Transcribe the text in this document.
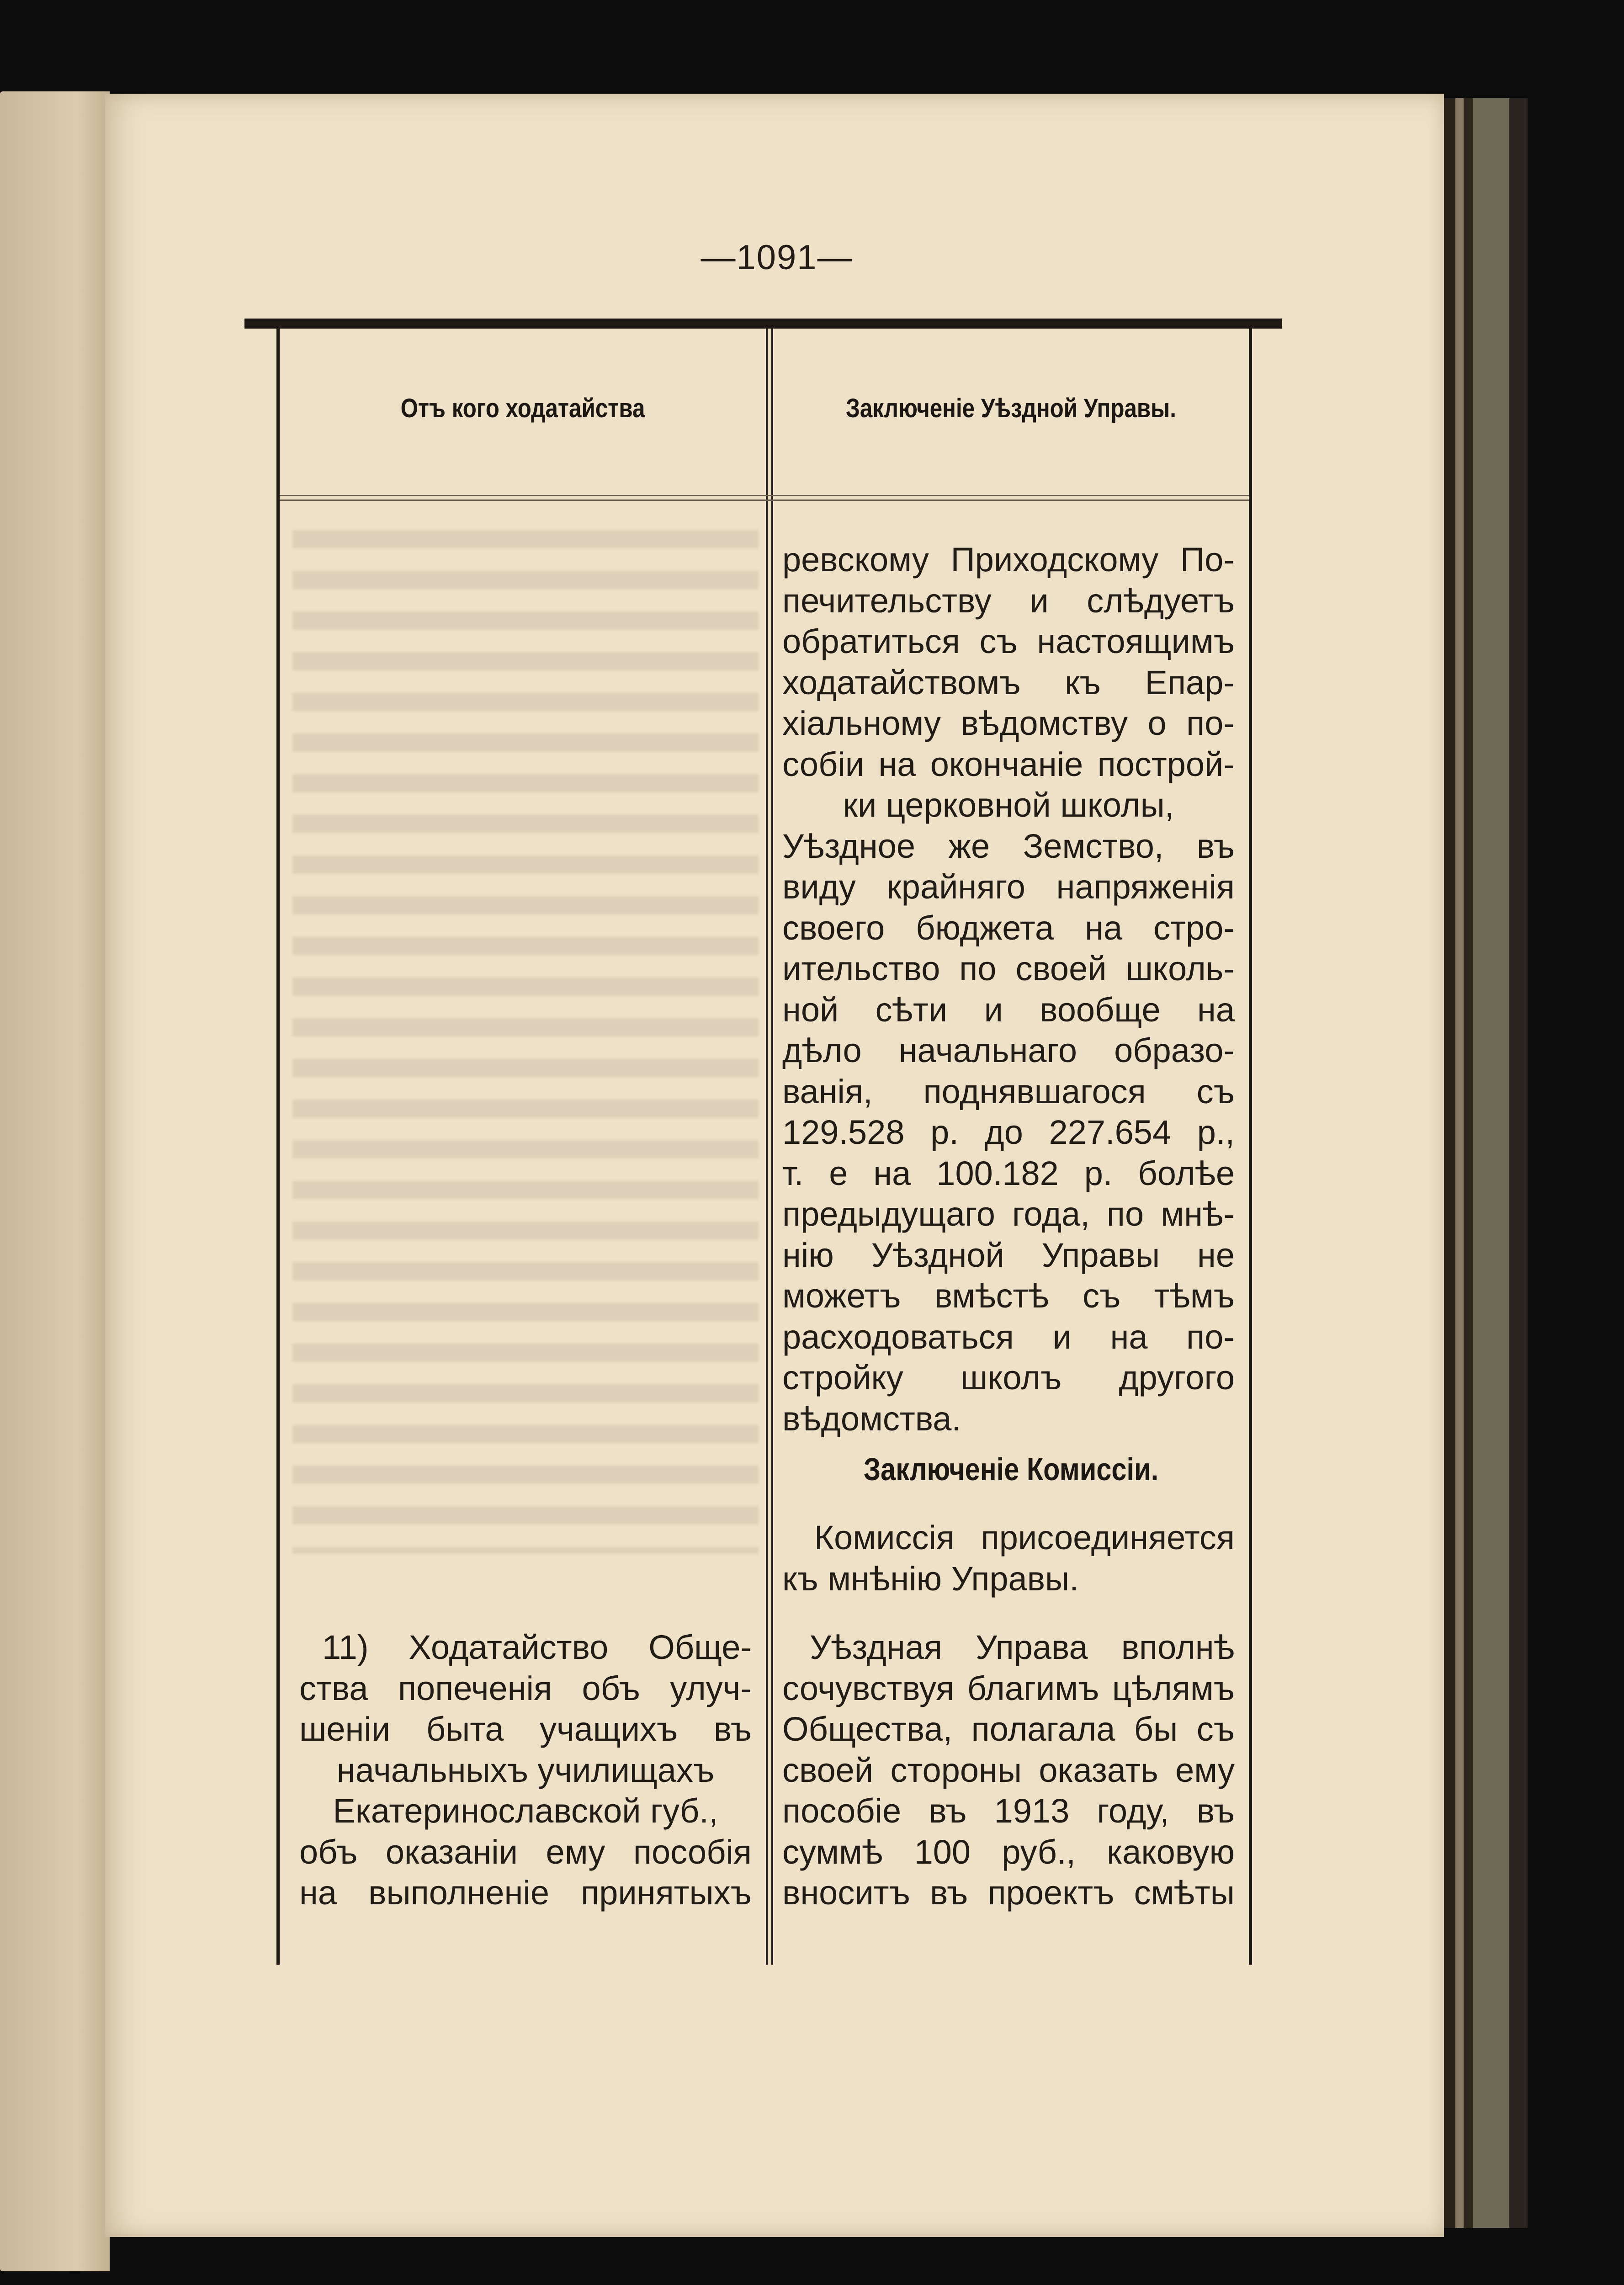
—1091—
Отъ кого ходатайства	Заключеніе Уѣздной Управы.
ревскому Приходскому По-
печительству и слѣдуетъ
обратиться съ настоящимъ
ходатайствомъ къ Епар-
хіальному вѣдомству о по-
собіи на окончаніе построй-
ки церковной школы,
Уѣздное же Земство, въ
виду крайняго напряженія
своего бюджета на стро-
ительство по своей школь-
ной сѣти и вообще на
дѣло начальнаго образо-
ванія, поднявшагося съ
129.528 р. до 227.654 р.,
т. е на 100.182 р. болѣе
предыдущаго года, по мнѣ-
нію Уѣздной Управы не
можетъ вмѣстѣ съ тѣмъ
расходоваться и на по-
стройку школъ другого
вѣдомства.
Заключеніе Комиссіи.
Комиссія присоединяется
къ мнѣнію Управы.
11) Ходатайство Обще-
ства попеченія объ улуч-
шеніи быта учащихъ въ
начальныхъ училищахъ
Екатеринославской губ.,
объ оказаніи ему пособія
на выполненіе принятыхъ
Уѣздная Управа вполнѣ
сочувствуя благимъ цѣлямъ
Общества, полагала бы съ
своей стороны оказать ему
пособіе въ 1913 году, въ
суммѣ 100 руб., каковую
вноситъ въ проектъ смѣты
